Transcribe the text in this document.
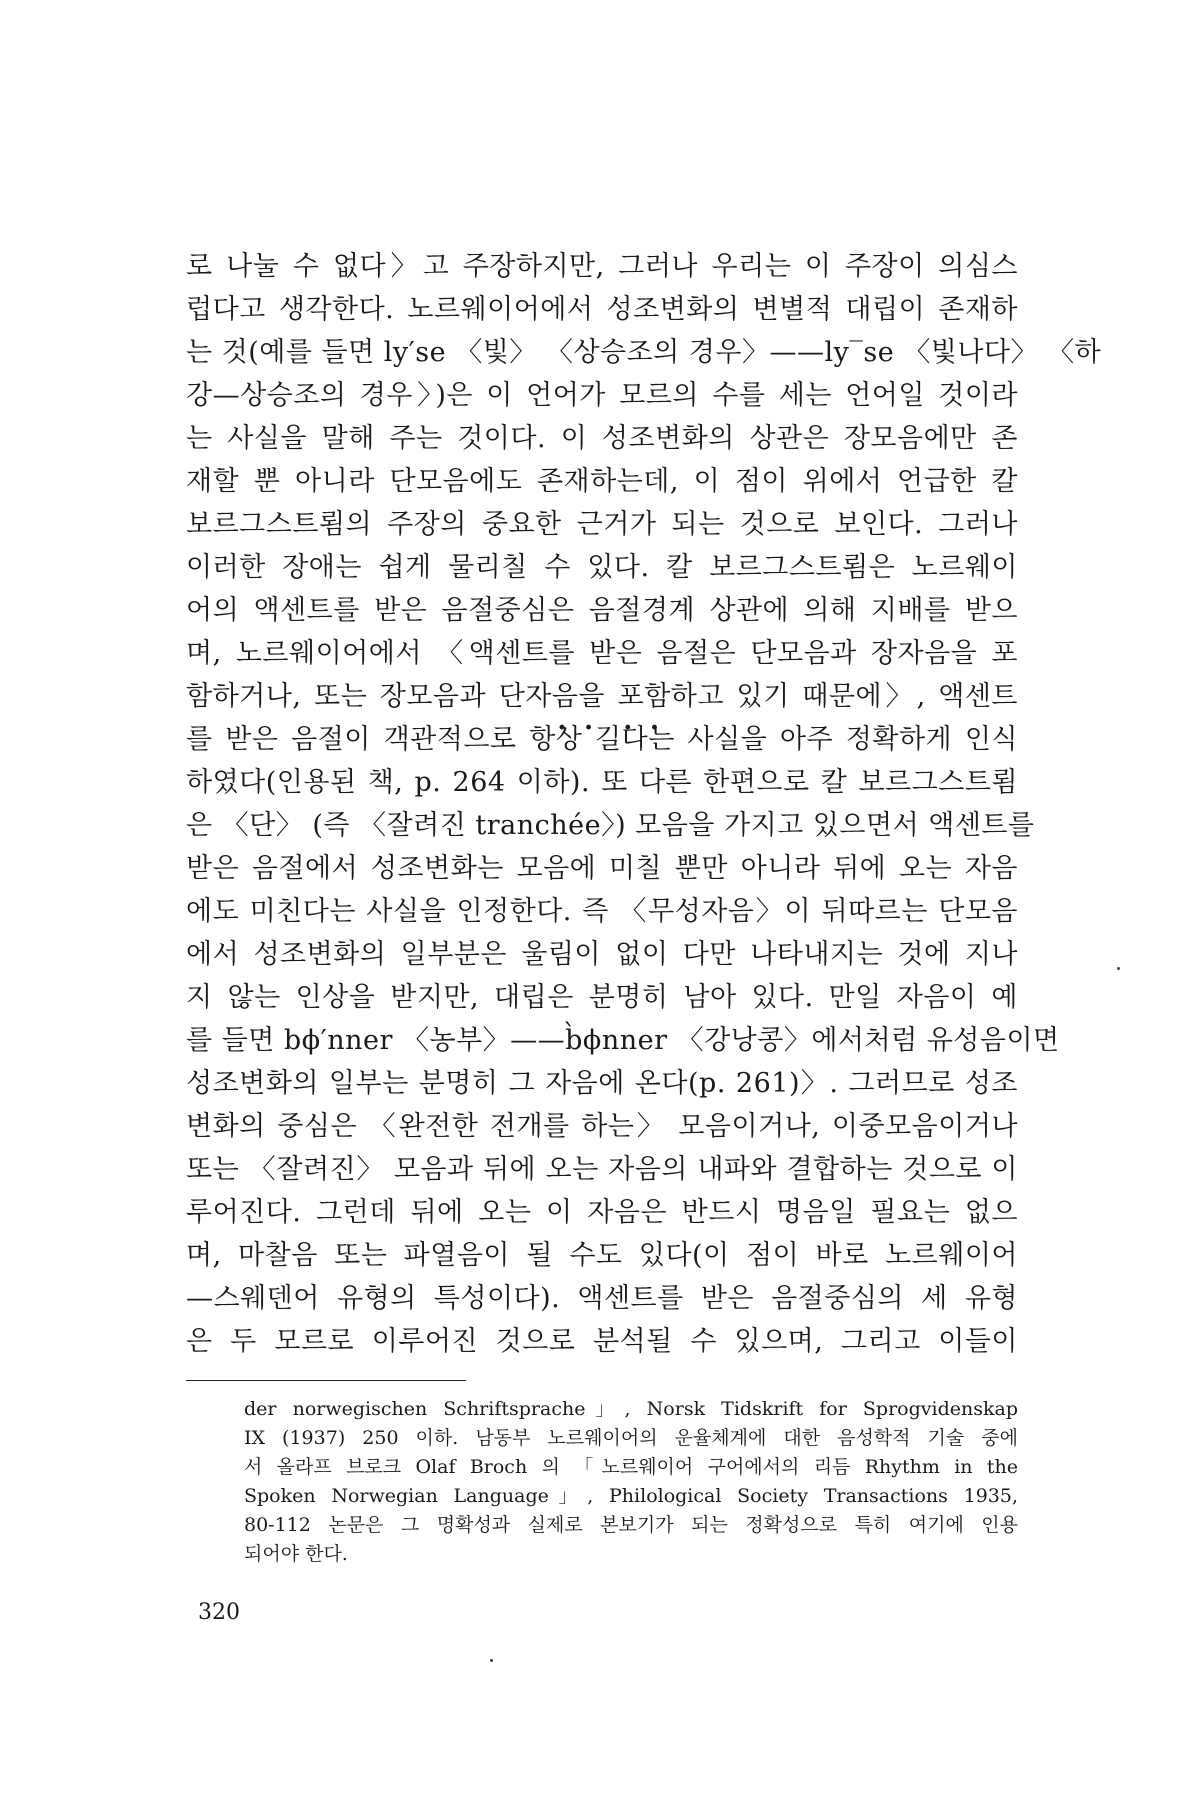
로 나눌 수 없다〉고 주장하지만, 그러나 우리는 이 주장이 의심스
럽다고 생각한다. 노르웨이어에서 성조변화의 변별적 대립이 존재하
는 것(예를 들면 ly′se 〈빛〉 〈상승조의 경우〉——ly‾se 〈빛나다〉 〈하
강—상승조의 경우〉)은 이 언어가 모르의 수를 세는 언어일 것이라
는 사실을 말해 주는 것이다. 이 성조변화의 상관은 장모음에만 존
재할 뿐 아니라 단모음에도 존재하는데, 이 점이 위에서 언급한 칼
보르그스트룀의 주장의 중요한 근거가 되는 것으로 보인다. 그러나
이러한 장애는 쉽게 물리칠 수 있다. 칼 보르그스트룀은 노르웨이
어의 액센트를 받은 음절중심은 음절경계 상관에 의해 지배를 받으
며, 노르웨이어에서 〈액센트를 받은 음절은 단모음과 장자음을 포
함하거나, 또는 장모음과 단자음을 포함하고 있기 때문에〉, 액센트
를 받은 음절이 객관적으로 항̇상̇ 길̇다̇는 사실을 아주 정확하게 인식
하였다(인용된 책, p. 264 이하). 또 다른 한편으로 칼 보르그스트룀
은 〈단〉 (즉 〈잘려진 tranchée〉) 모음을 가지고 있으면서 액센트를
받은 음절에서 성조변화는 모음에 미칠 뿐만 아니라 뒤에 오는 자음
에도 미친다는 사실을 인정한다. 즉 〈무성자음〉이 뒤따르는 단모음
에서 성조변화의 일부분은 울림이 없이 다만 나타내지는 것에 지나
지 않는 인상을 받지만, 대립은 분명히 남아 있다. 만일 자음이 예
를 들면 bϕ′nner 〈농부〉——b̀ϕnner 〈강낭콩〉에서처럼 유성음이면
성조변화의 일부는 분명히 그 자음에 온다(p. 261)〉. 그러므로 성조
변화의 중심은 〈완전한 전개를 하는〉 모음이거나, 이중모음이거나
또는 〈잘려진〉 모음과 뒤에 오는 자음의 내파와 결합하는 것으로 이
루어진다. 그런데 뒤에 오는 이 자음은 반드시 명음일 필요는 없으
며, 마찰음 또는 파열음이 될 수도 있다(이 점이 바로 노르웨이어
—스웨덴어 유형의 특성이다). 액센트를 받은 음절중심의 세 유형
은 두 모르로 이루어진 것으로 분석될 수 있으며, 그리고 이들이
der norwegischen Schriftsprache」, Norsk Tidskrift for Sprogvidenskap
IX (1937) 250 이하. 남동부 노르웨이어의 운율체계에 대한 음성학적 기술 중에
서 올라프 브로크 Olaf Broch 의 「노르웨이어 구어에서의 리듬 Rhythm in the
Spoken Norwegian Language」, Philological Society Transactions 1935,
80-112 논문은 그 명확성과 실제로 본보기가 되는 정확성으로 특히 여기에 인용
되어야 한다.
320
